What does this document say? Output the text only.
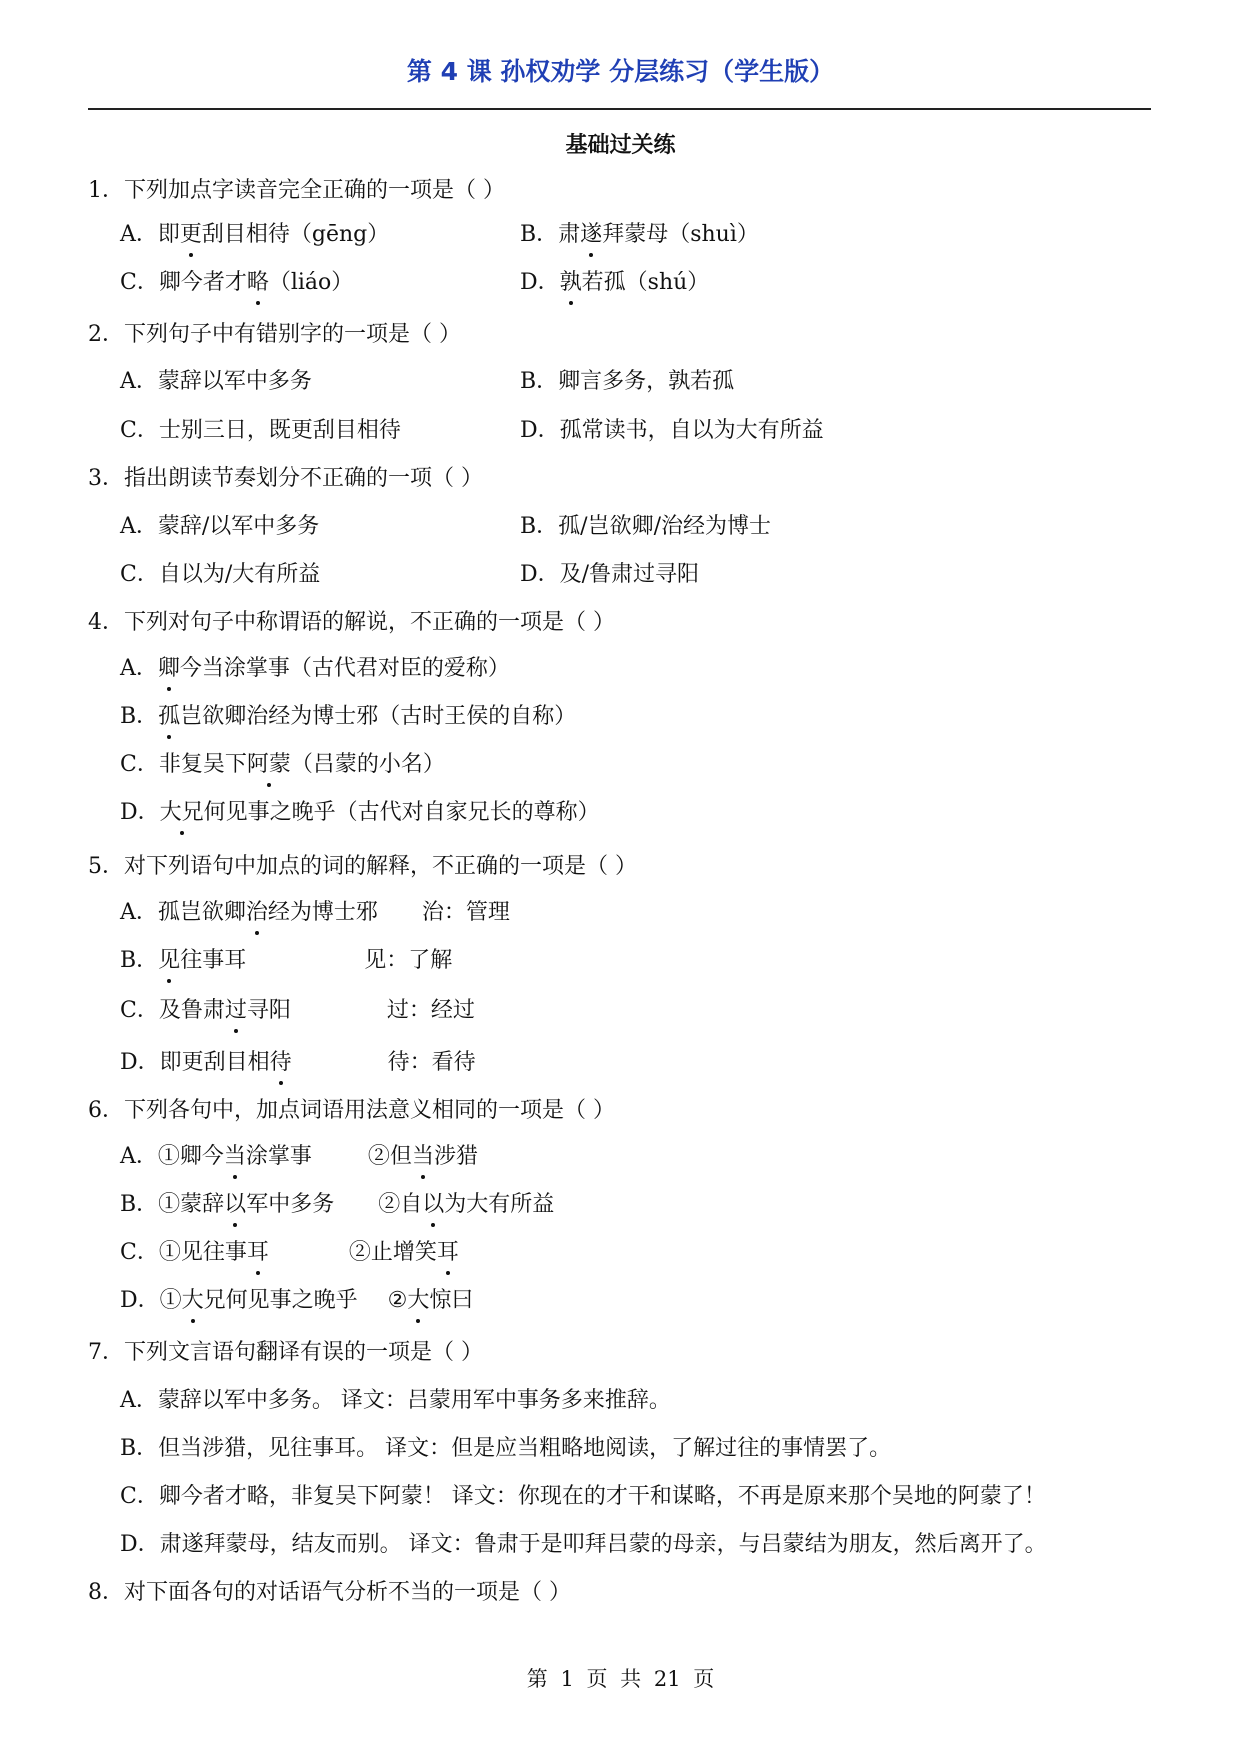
第 4 课 孙权劝学 分层练习（学生版）
基础过关练
1．下列加点字读音完全正确的一项是（ ）
A．即更刮目相待（gēng）	B．肃遂拜蒙母（shuì）
C．卿今者才略（liáo）	D．孰若孤（shú）
2．下列句子中有错别字的一项是（ ）
A．蒙辞以军中多务	B．卿言多务，孰若孤
C．士别三日，既更刮目相待	D．孤常读书，自以为大有所益
3．指出朗读节奏划分不正确的一项（ ）
A．蒙辞/以军中多务	B．孤/岂欲卿/治经为博士
C．自以为/大有所益	D．及/鲁肃过寻阳
4．下列对句子中称谓语的解说，不正确的一项是（ ）
A．卿今当涂掌事（古代君对臣的爱称）
B．孤岂欲卿治经为博士邪（古时王侯的自称）
C．非复吴下阿蒙（吕蒙的小名）
D．大兄何见事之晚乎（古代对自家兄长的尊称）
5．对下列语句中加点的词的解释，不正确的一项是（ ）
A．孤岂欲卿治经为博士邪 治：管理
B．见往事耳	见：了解
C．及鲁肃过寻阳	过：经过
D．即更刮目相待	待：看待
6．下列各句中，加点词语用法意义相同的一项是（ ）
A．①卿今当涂掌事	②但当涉猎
B．①蒙辞以军中多务 ②自以为大有所益
C．①见往事耳	②止增笑耳
D．①大兄何见事之晚乎 ②大惊曰
7．下列文言语句翻译有误的一项是（ ）
A．蒙辞以军中多务。 译文：吕蒙用军中事务多来推辞。
B．但当涉猎，见往事耳。 译文：但是应当粗略地阅读，了解过往的事情罢了。
C．卿今者才略，非复吴下阿蒙！ 译文：你现在的才干和谋略，不再是原来那个吴地的阿蒙了！
D．肃遂拜蒙母，结友而别。 译文：鲁肃于是叩拜吕蒙的母亲，与吕蒙结为朋友，然后离开了。
8．对下面各句的对话语气分析不当的一项是（ ）
第 1 页 共 21 页
